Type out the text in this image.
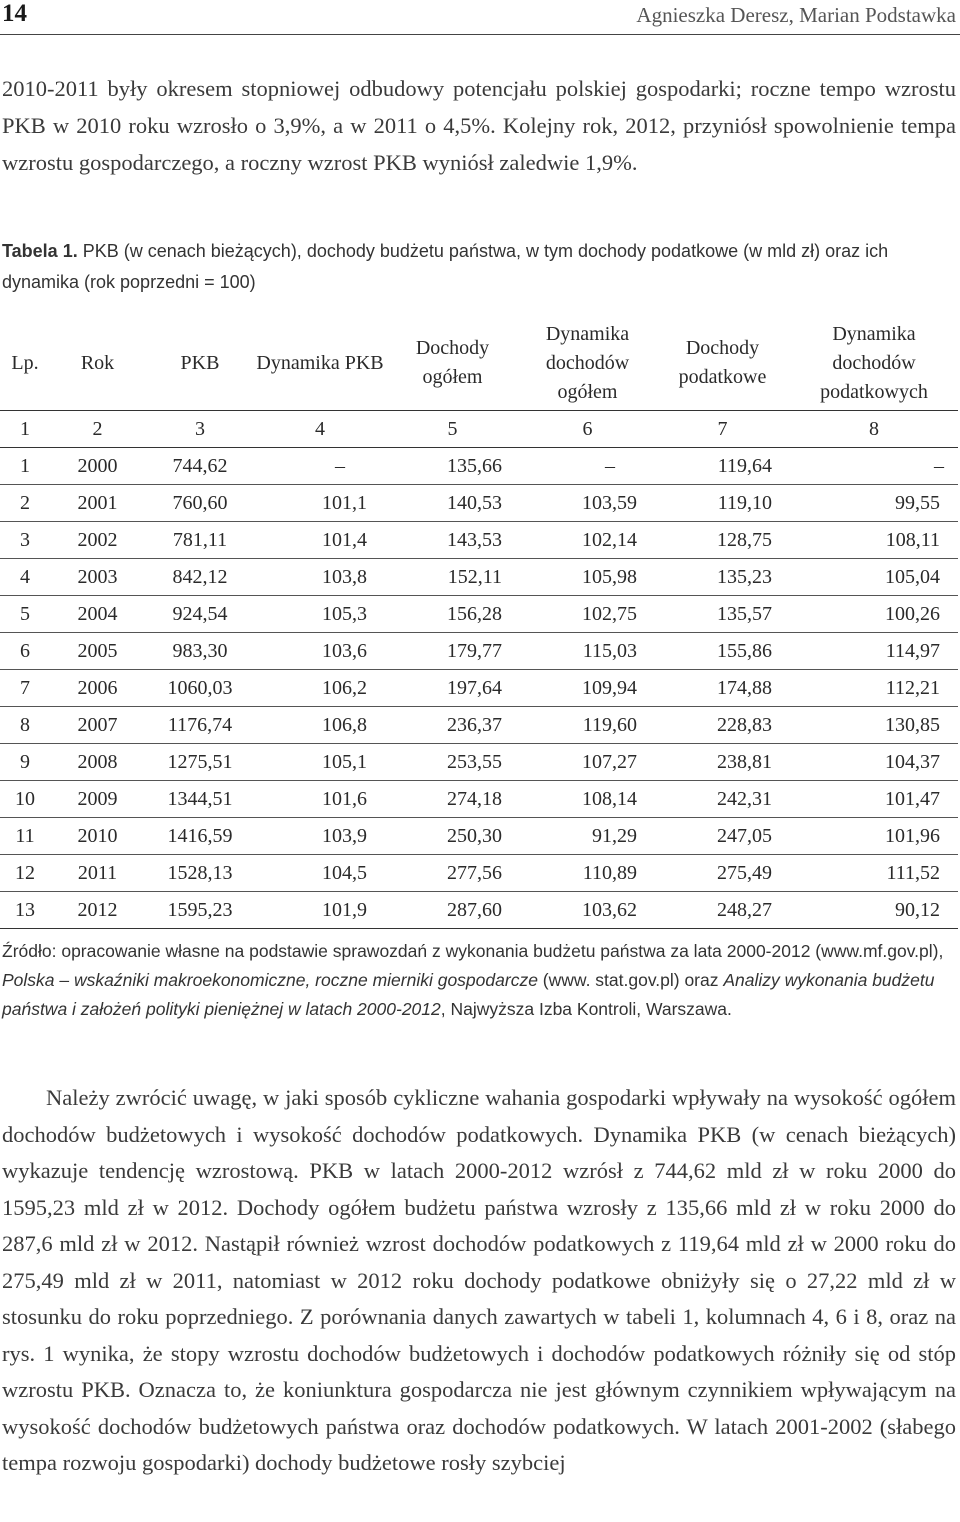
14	Agnieszka Deresz, Marian Podstawka

2010-2011 były okresem stopniowej odbudowy potencjału polskiej gospodarki; roczne tempo wzrostu PKB w 2010 roku wzrosło o 3,9%, a w 2011 o 4,5%. Kolejny rok, 2012, przyniósł spowolnienie tempa wzrostu gospodarczego, a roczny wzrost PKB wyniósł zaledwie 1,9%.

Tabela 1. PKB (w cenach bieżących), dochody budżetu państwa, w tym dochody podatkowe (w mld zł) oraz ich dynamika (rok poprzedni = 100)

Lp.	Rok	PKB	Dynamika PKB	Dochody ogółem	Dynamika dochodów ogółem	Dochody podatkowe	Dynamika dochodów podatkowych
1	2	3	4	5	6	7	8
1	2000	744,62	–	135,66	–	119,64	–
2	2001	760,60	101,1	140,53	103,59	119,10	99,55
3	2002	781,11	101,4	143,53	102,14	128,75	108,11
4	2003	842,12	103,8	152,11	105,98	135,23	105,04
5	2004	924,54	105,3	156,28	102,75	135,57	100,26
6	2005	983,30	103,6	179,77	115,03	155,86	114,97
7	2006	1060,03	106,2	197,64	109,94	174,88	112,21
8	2007	1176,74	106,8	236,37	119,60	228,83	130,85
9	2008	1275,51	105,1	253,55	107,27	238,81	104,37
10	2009	1344,51	101,6	274,18	108,14	242,31	101,47
11	2010	1416,59	103,9	250,30	91,29	247,05	101,96
12	2011	1528,13	104,5	277,56	110,89	275,49	111,52
13	2012	1595,23	101,9	287,60	103,62	248,27	90,12

Źródło: opracowanie własne na podstawie sprawozdań z wykonania budżetu państwa za lata 2000-2012 (www.mf.gov.pl), Polska – wskaźniki makroekonomiczne, roczne mierniki gospodarcze (www. stat.gov.pl) oraz Analizy wykonania budżetu państwa i założeń polityki pieniężnej w latach 2000-2012, Najwyższa Izba Kontroli, Warszawa.

Należy zwrócić uwagę, w jaki sposób cykliczne wahania gospodarki wpływały na wysokość ogółem dochodów budżetowych i wysokość dochodów podatkowych. Dynamika PKB (w cenach bieżących) wykazuje tendencję wzrostową. PKB w latach 2000-2012 wzrósł z 744,62 mld zł w roku 2000 do 1595,23 mld zł w 2012. Dochody ogółem budżetu państwa wzrosły z 135,66 mld zł w roku 2000 do 287,6 mld zł w 2012. Nastąpił również wzrost dochodów podatkowych z 119,64 mld zł w 2000 roku do 275,49 mld zł w 2011, natomiast w 2012 roku dochody podatkowe obniżyły się o 27,22 mld zł w stosunku do roku poprzedniego. Z porównania danych zawartych w tabeli 1, kolumnach 4, 6 i 8, oraz na rys. 1 wynika, że stopy wzrostu dochodów budżetowych i dochodów podatkowych różniły się od stóp wzrostu PKB. Oznacza to, że koniunktura gospodarcza nie jest głównym czynnikiem wpływającym na wysokość dochodów budżetowych państwa oraz dochodów podatkowych. W latach 2001-2002 (słabego tempa rozwoju gospodarki) dochody budżetowe rosły szybciej
